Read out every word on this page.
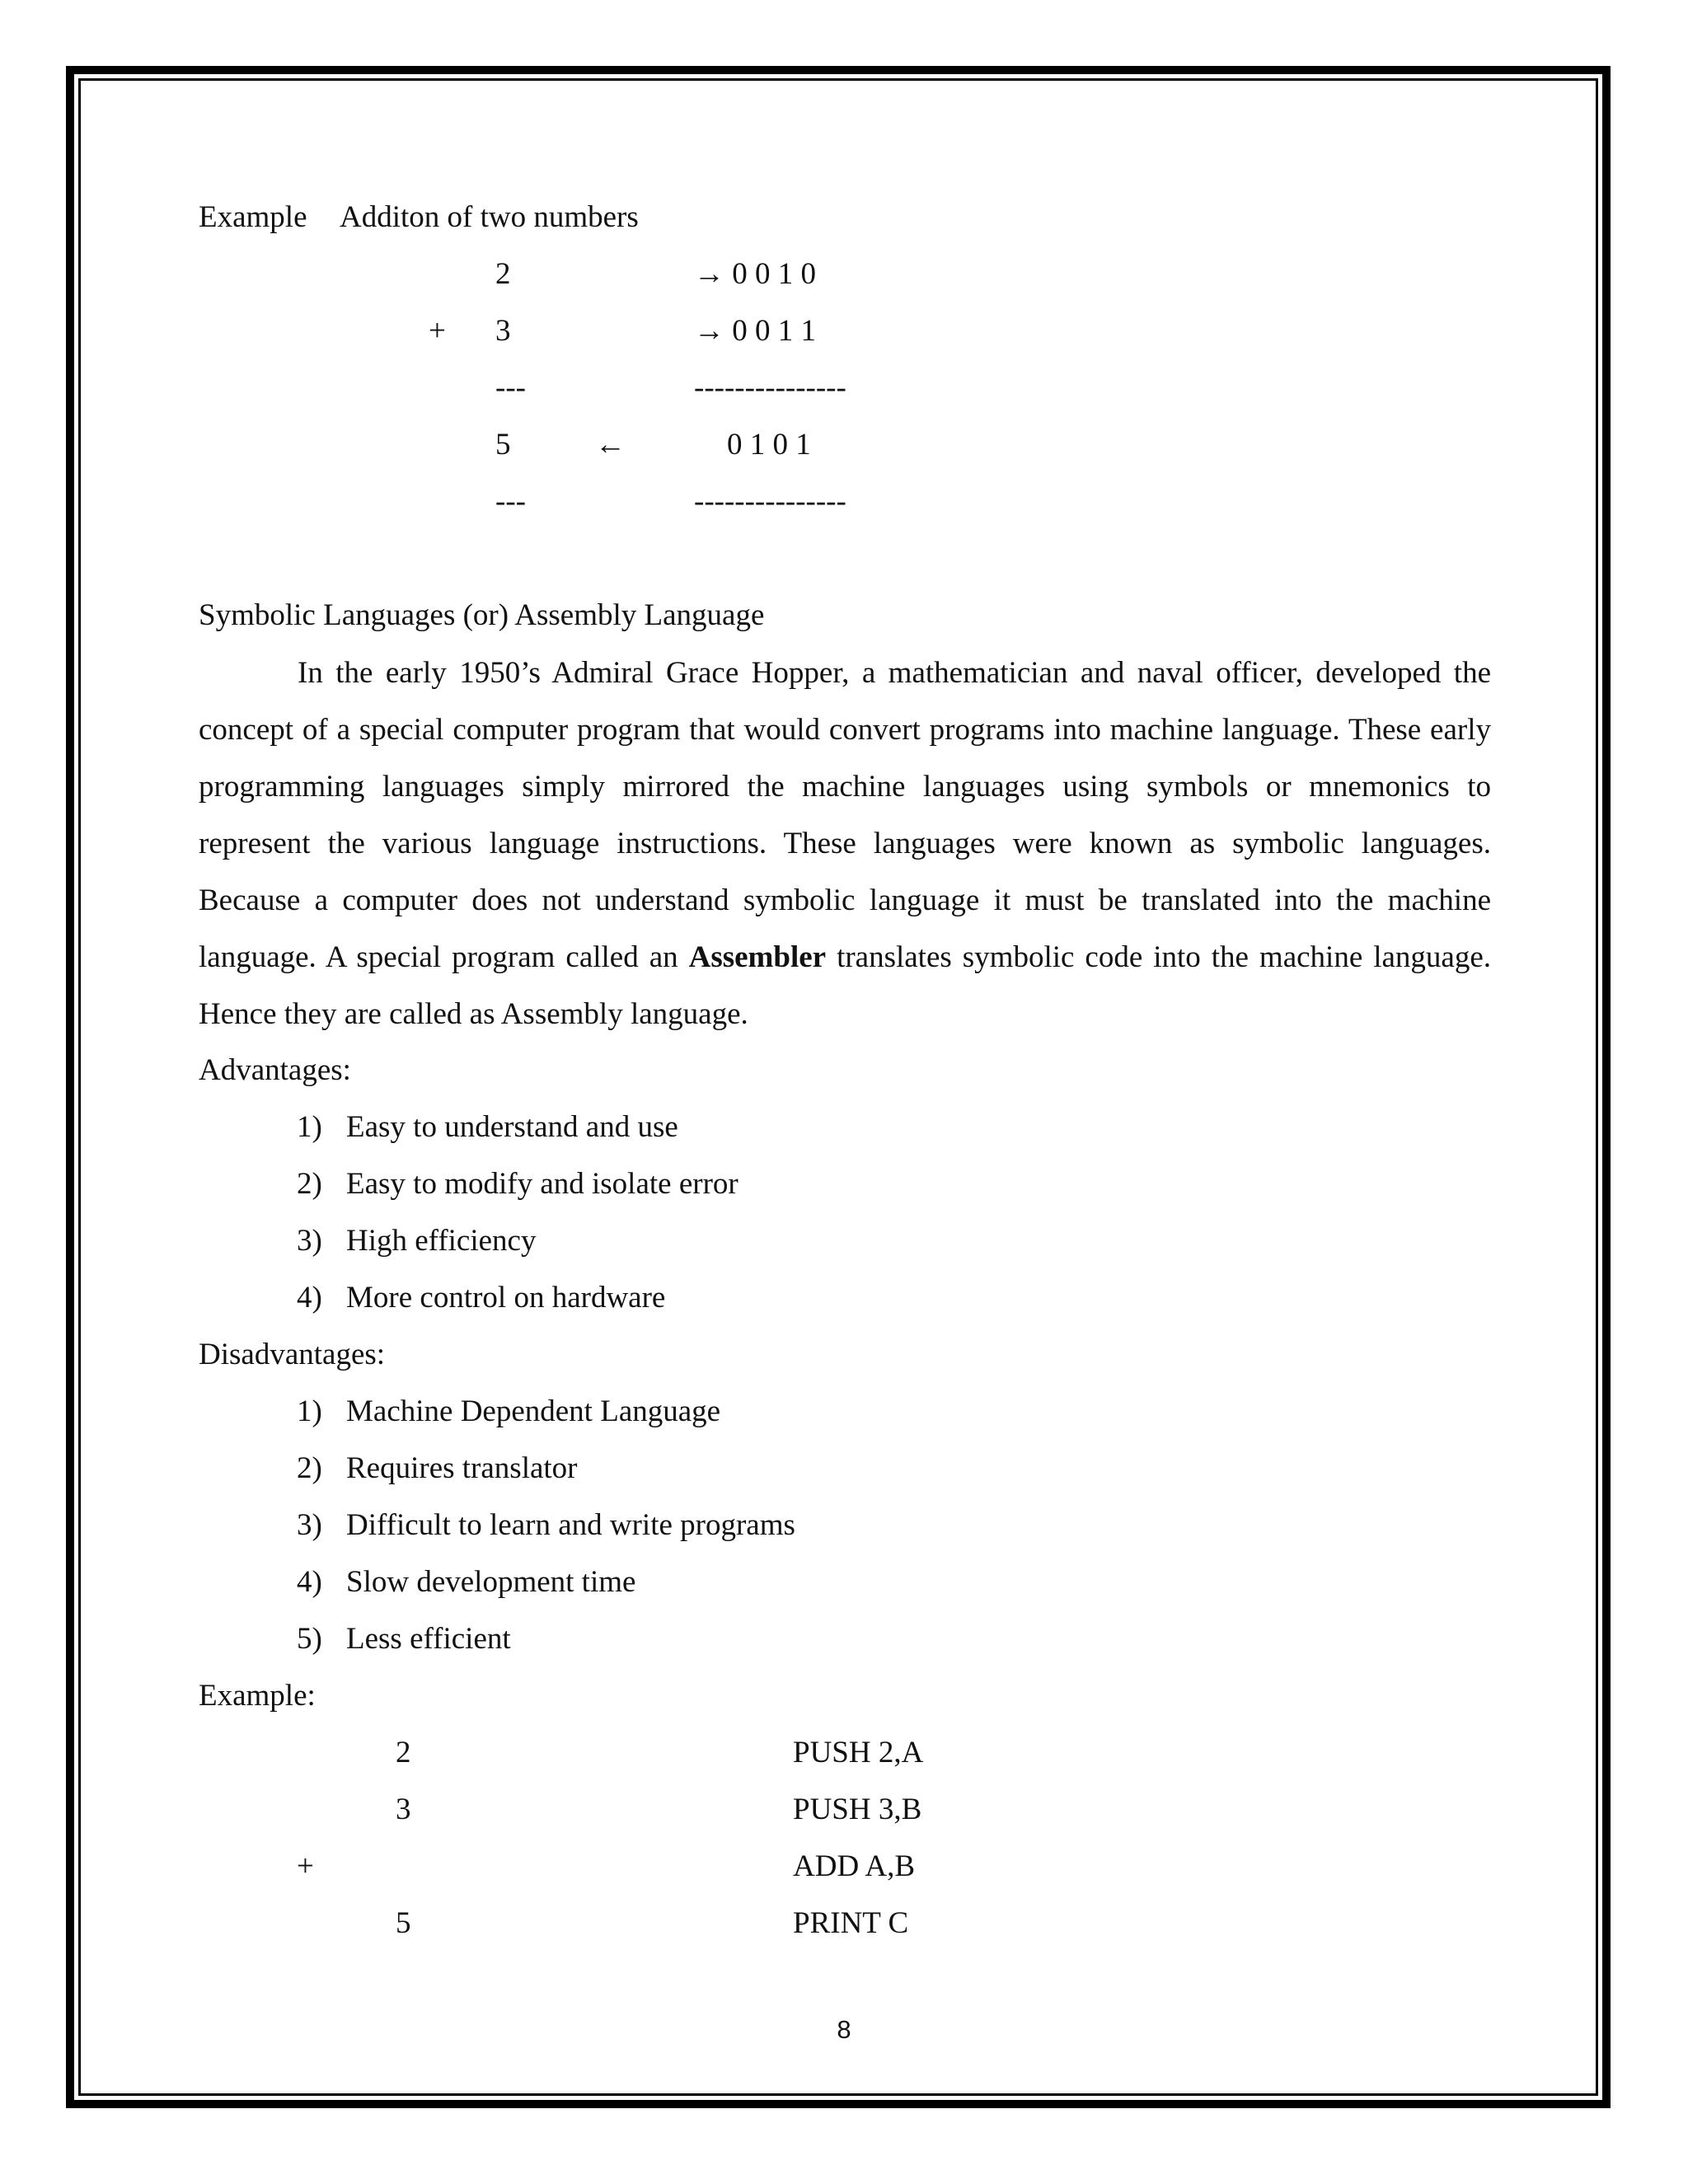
Example Additon of two numbers
2	→ 0 0 1 0
+ 3	→ 0 0 1 1
---	---------------
5	←	0 1 0 1
---	---------------
Symbolic Languages (or) Assembly Language
In the early 1950’s Admiral Grace Hopper, a mathematician and naval officer, developed the concept of a special computer program that would convert programs into machine language. These early programming languages simply mirrored the machine languages using symbols or mnemonics to represent the various language instructions. These languages were known as symbolic languages. Because a computer does not understand symbolic language it must be translated into the machine language. A special program called an Assembler translates symbolic code into the machine language. Hence they are called as Assembly language.
Advantages:
1) Easy to understand and use
2) Easy to modify and isolate error
3) High efficiency
4) More control on hardware
Disadvantages:
1) Machine Dependent Language
2) Requires translator
3) Difficult to learn and write programs
4) Slow development time
5) Less efficient
Example:
2	PUSH 2,A
3	PUSH 3,B
+	ADD A,B
5	PRINT C
8
